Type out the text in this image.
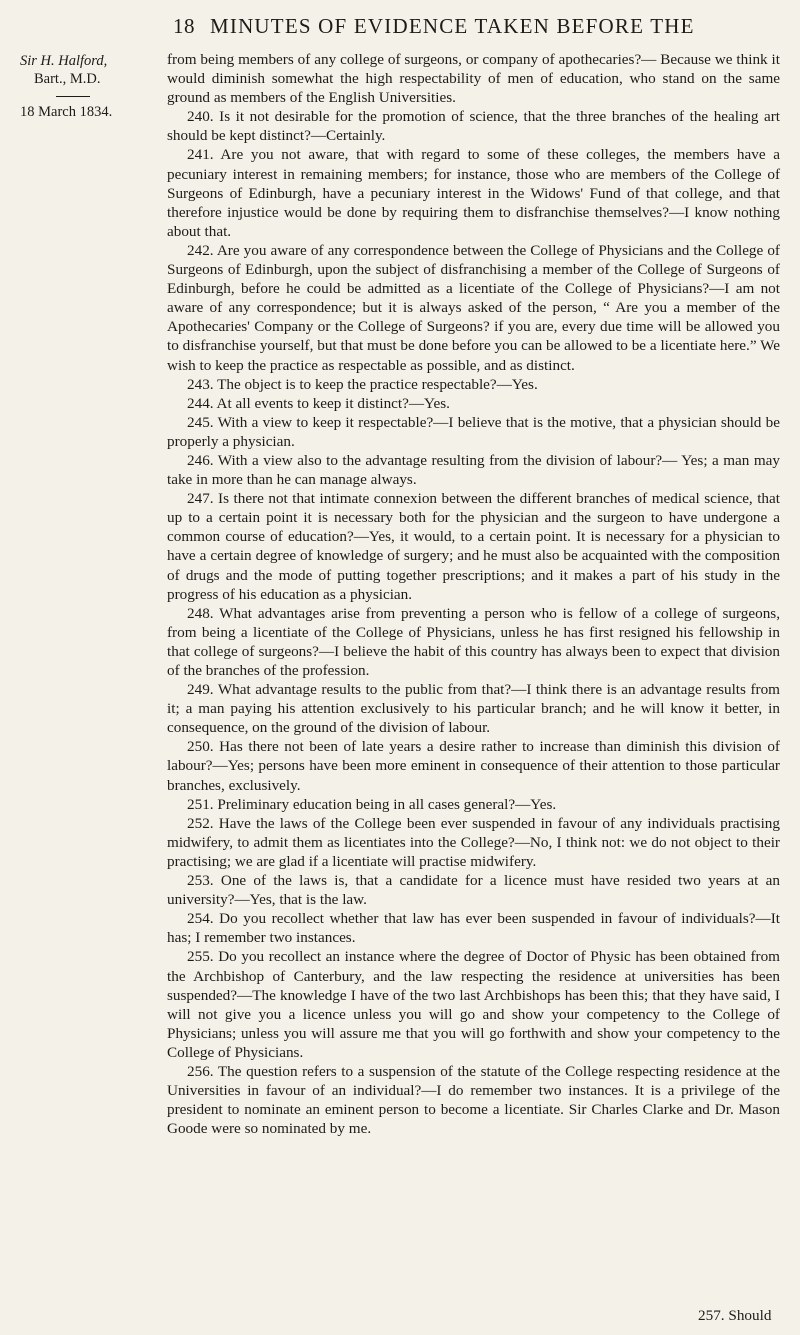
18 MINUTES OF EVIDENCE TAKEN BEFORE THE
Sir H. Halford,
Bart., M.D.
18 March 1834.

from being members of any college of surgeons, or company of apothecaries?— Because we think it would diminish somewhat the high respectability of men of education, who stand on the same ground as members of the English Universities.

240. Is it not desirable for the promotion of science, that the three branches of the healing art should be kept distinct?—Certainly.

241. Are you not aware, that with regard to some of these colleges, the members have a pecuniary interest in remaining members; for instance, those who are members of the College of Surgeons of Edinburgh, have a pecuniary interest in the Widows' Fund of that college, and that therefore injustice would be done by requiring them to disfranchise themselves?—I know nothing about that.

242. Are you aware of any correspondence between the College of Physicians and the College of Surgeons of Edinburgh, upon the subject of disfranchising a member of the College of Surgeons of Edinburgh, before he could be admitted as a licentiate of the College of Physicians?—I am not aware of any correspondence; but it is always asked of the person, “ Are you a member of the Apothecaries' Company or the College of Surgeons? if you are, every due time will be allowed you to disfranchise yourself, but that must be done before you can be allowed to be a licentiate here.” We wish to keep the practice as respectable as possible, and as distinct.

243. The object is to keep the practice respectable?—Yes.

244. At all events to keep it distinct?—Yes.

245. With a view to keep it respectable?—I believe that is the motive, that a physician should be properly a physician.

246. With a view also to the advantage resulting from the division of labour?— Yes; a man may take in more than he can manage always.

247. Is there not that intimate connexion between the different branches of medical science, that up to a certain point it is necessary both for the physician and the surgeon to have undergone a common course of education?—Yes, it would, to a certain point. It is necessary for a physician to have a certain degree of knowledge of surgery; and he must also be acquainted with the composition of drugs and the mode of putting together prescriptions; and it makes a part of his study in the progress of his education as a physician.

248. What advantages arise from preventing a person who is fellow of a college of surgeons, from being a licentiate of the College of Physicians, unless he has first resigned his fellowship in that college of surgeons?—I believe the habit of this country has always been to expect that division of the branches of the profession.

249. What advantage results to the public from that?—I think there is an advantage results from it; a man paying his attention exclusively to his particular branch; and he will know it better, in consequence, on the ground of the division of labour.

250. Has there not been of late years a desire rather to increase than diminish this division of labour?—Yes; persons have been more eminent in consequence of their attention to those particular branches, exclusively.

251. Preliminary education being in all cases general?—Yes.

252. Have the laws of the College been ever suspended in favour of any individuals practising midwifery, to admit them as licentiates into the College?—No, I think not: we do not object to their practising; we are glad if a licentiate will practise midwifery.

253. One of the laws is, that a candidate for a licence must have resided two years at an university?—Yes, that is the law.

254. Do you recollect whether that law has ever been suspended in favour of individuals?—It has; I remember two instances.

255. Do you recollect an instance where the degree of Doctor of Physic has been obtained from the Archbishop of Canterbury, and the law respecting the residence at universities has been suspended?—The knowledge I have of the two last Archbishops has been this; that they have said, I will not give you a licence unless you will go and show your competency to the College of Physicians; unless you will assure me that you will go forthwith and show your competency to the College of Physicians.

256. The question refers to a suspension of the statute of the College respecting residence at the Universities in favour of an individual?—I do remember two instances. It is a privilege of the president to nominate an eminent person to become a licentiate. Sir Charles Clarke and Dr. Mason Goode were so nominated by me.

257. Should
